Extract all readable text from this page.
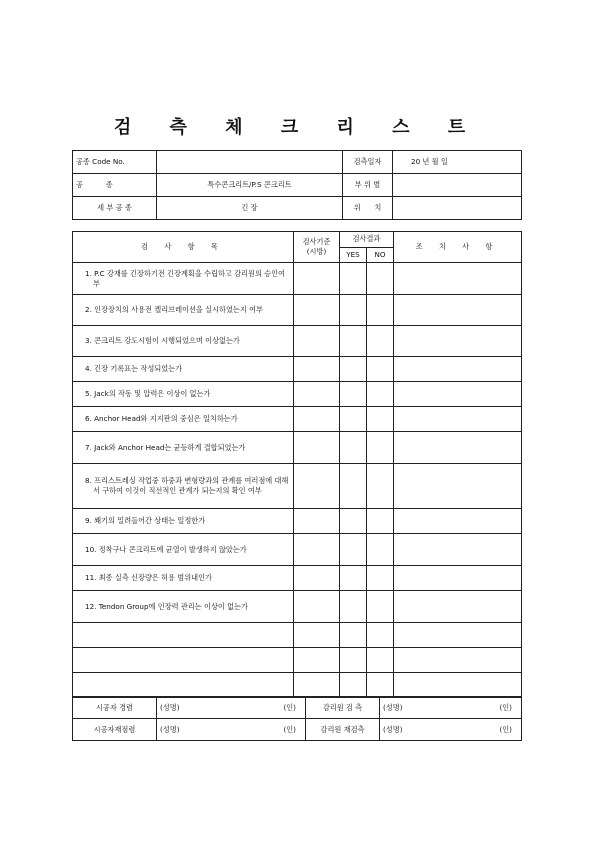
검 측 체 크 리 스 트
공종 Code No.		검측일자	20 년 월 일
공          종	특수콘크리트/P.S 콘크리트	부 위 별	
세 부 공 종	긴 장	위      치	
검 사 항 목	검사기준 (시방)	검사결과		조 치 사 항
		YES	NO	

1. P.C 강재를 긴장하기전 긴장계획을 수립하고 감리원의 승인여부				

2. 인장장치의 사용전 켈리브레이션을 실시하였는지 여부				

3. 콘크리트 강도시험이 시행되었으며 이상없는가				

4. 긴장 기록표는 작성되었는가				

5. Jack의 작동 및 압력은 이상이 없는가				

6. Anchor Head와 지지판의 중심은 일치하는가				

7. Jack와 Anchor Head는 균등하게 결합되었는가				

8. 프리스트레싱 작업중 하중과 변형량과의 관계를 여러점에 대해서 구하여 이것이 직선적인 관계가 되는지의 확인 여부				

9. 쐐기의 밀려들어간 상태는 일정한가				

10. 정착구나 콘크리트에 균열이 발생하지 않았는가				

11. 최종 실측 신장량은 허용 범위내인가				

12. Tendon Group에 인장력 관리는 이상이 없는가				

시공자 경렴	(성명) (인)	감리원 검 측	(성명) (인)

시공자재점렴	(성명) (인)	감리원 재검측	(성명) (인)
